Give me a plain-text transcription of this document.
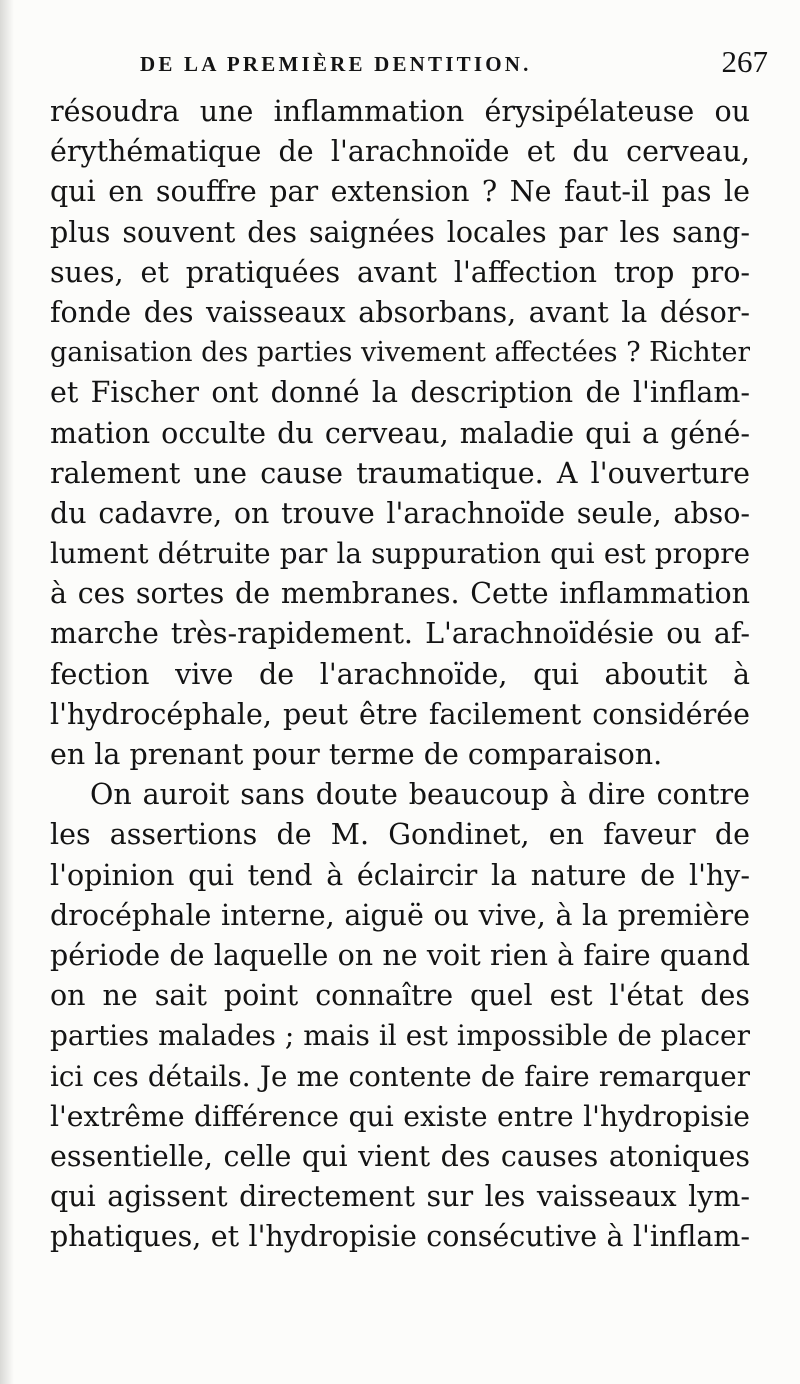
DE LA PREMIÈRE DENTITION.	267
résoudra une inflammation érysipélateuse ou
érythématique de l'arachnoïde et du cerveau,
qui en souffre par extension ? Ne faut-il pas le
plus souvent des saignées locales par les sang-
sues, et pratiquées avant l'affection trop pro-
fonde des vaisseaux absorbans, avant la désor-
ganisation des parties vivement affectées ? Richter
et Fischer ont donné la description de l'inflam-
mation occulte du cerveau, maladie qui a géné-
ralement une cause traumatique. A l'ouverture
du cadavre, on trouve l'arachnoïde seule, abso-
lument détruite par la suppuration qui est propre
à ces sortes de membranes. Cette inflammation
marche très-rapidement. L'arachnoïdésie ou af-
fection vive de l'arachnoïde, qui aboutit à
l'hydrocéphale, peut être facilement considérée
en la prenant pour terme de comparaison.
On auroit sans doute beaucoup à dire contre
les assertions de M. Gondinet, en faveur de
l'opinion qui tend à éclaircir la nature de l'hy-
drocéphale interne, aiguë ou vive, à la première
période de laquelle on ne voit rien à faire quand
on ne sait point connaître quel est l'état des
parties malades ; mais il est impossible de placer
ici ces détails. Je me contente de faire remarquer
l'extrême différence qui existe entre l'hydropisie
essentielle, celle qui vient des causes atoniques
qui agissent directement sur les vaisseaux lym-
phatiques, et l'hydropisie consécutive à l'inflam-
